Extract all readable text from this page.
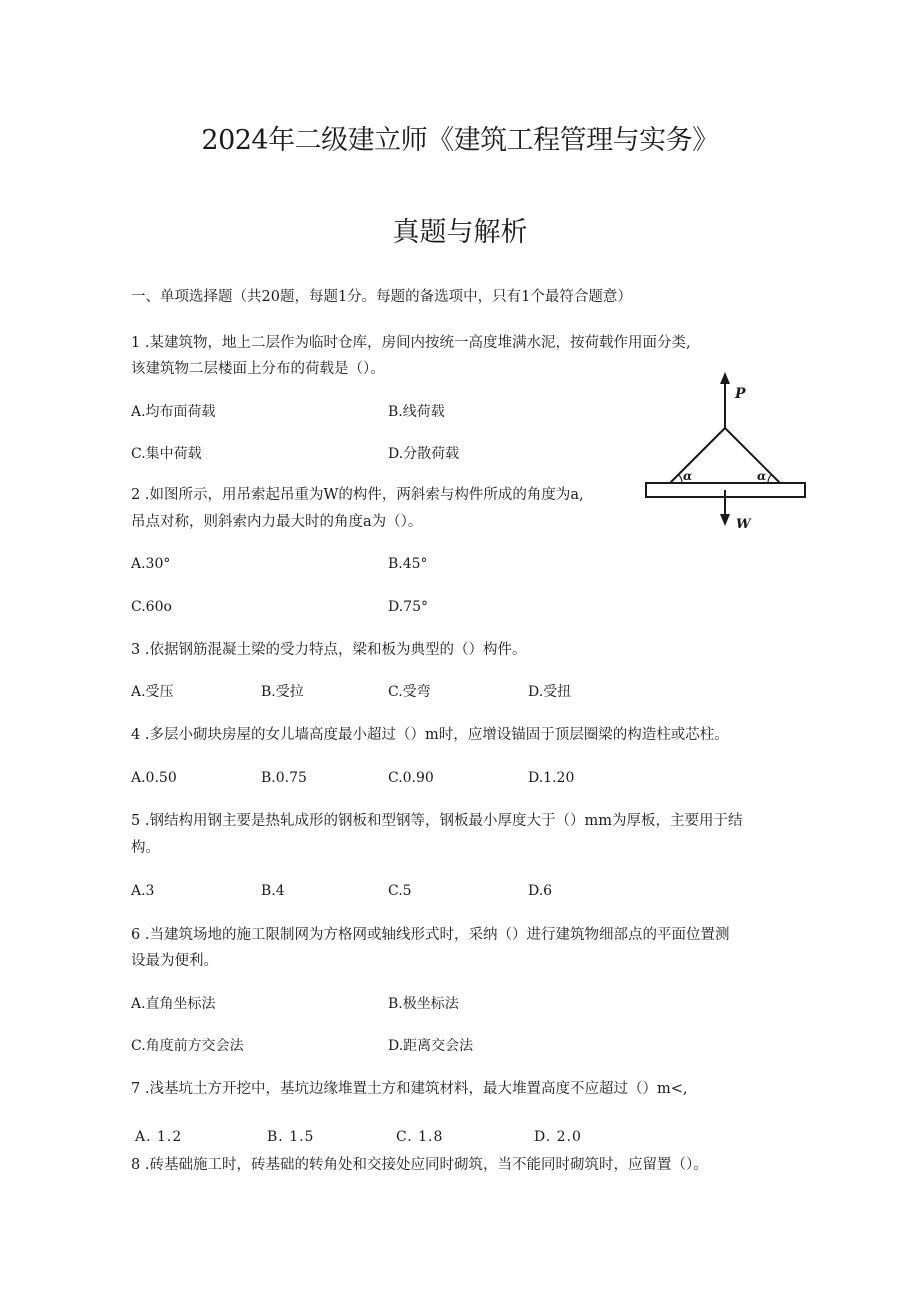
2024年二级建立师《建筑工程管理与实务》
真题与解析
一、单项选择题（共20题，每题1分。每题的备选项中，只有1个最符合题意）
1 .某建筑物，地上二层作为临时仓库，房间内按统一高度堆满水泥，按荷载作用面分类,
该建筑物二层楼面上分布的荷载是（）。
A.均布面荷载	B.线荷载
C.集中荷载	D.分散荷载
2 .如图所示，用吊索起吊重为W的构件，两斜索与构件所成的角度为a,
吊点对称，则斜索内力最大时的角度a为（）。
A.30°	B.45°
C.60o	D.75°
P
α	α
W
3 .依据钢筋混凝土梁的受力特点，梁和板为典型的（）构件。
A.受压	B.受拉	C.受弯	D.受扭
4 .多层小砌块房屋的女儿墙高度最小超过（）m时，应增设锚固于顶层圈梁的构造柱或芯柱。
A.0.50	B.0.75	C.0.90	D.1.20
5 .钢结构用钢主要是热轧成形的钢板和型钢等，钢板最小厚度大于（）mm为厚板，主要用于结
构。
A.3	B.4	C.5	D.6
6 .当建筑场地的施工限制网为方格网或轴线形式时，采纳（）进行建筑物细部点的平面位置测
设最为便利。
A.直角坐标法	B.极坐标法
C.角度前方交会法	D.距离交会法
7 .浅基坑土方开挖中，基坑边缘堆置土方和建筑材料，最大堆置高度不应超过（）m<,
A. 1.2	B. 1.5	C. 1.8	D. 2.0
8 .砖基础施工时，砖基础的转角处和交接处应同时砌筑，当不能同时砌筑时，应留置（）。
